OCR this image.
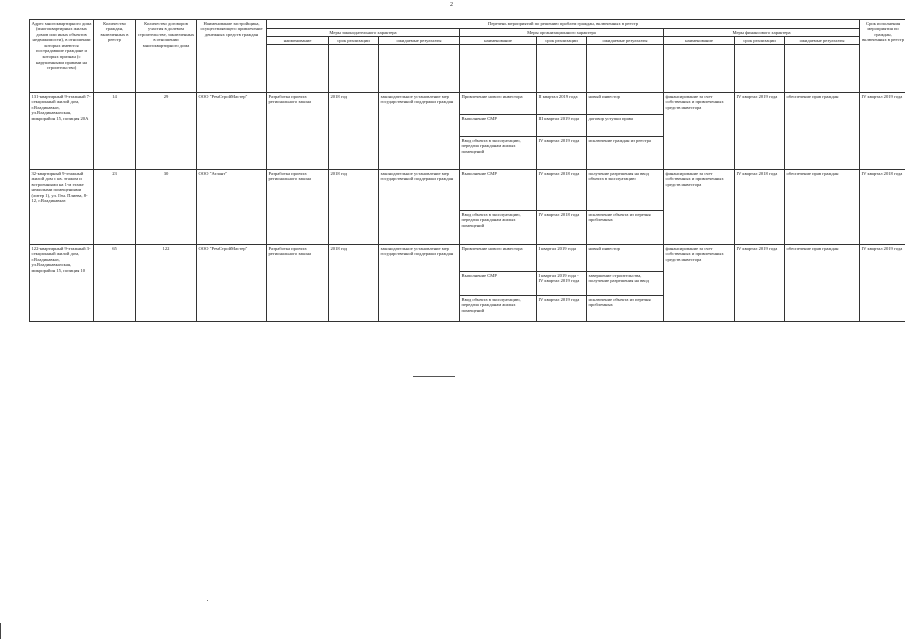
2
Адрес многоквартирного дома (многоквартирных жилых домов или иных объектов недвижимости), в отношении которых имеются пострадавшие граждане и которых признан (с нарушенными правами на строительство)	Количество граждан, включенных в реестр	Количество договоров участия в долевом строительстве, заключенных в отношении многоквартирного дома	Наименование застройщика, осуществляющего привлечение денежных средств граждан	Перечень мероприятий по решению проблем граждан, включенных в реестр									Срок исполнения мероприятия по граждан, включенных в реестр
				Меры законодательного характера			Меры организационного характера			Меры финансового характера			
				наименование	срок реализации	ожидаемые результаты	наименование	срок реализации	ожидаемые результаты	наименование	срок реализации	ожидаемые результаты	

131-квартирный 9-этажный 7-секционный жилой дом, г.Владикавказ, ул.Владикавказская, микрорайон 15, позиция 20А	14	29	ООО "РемСтройМастер"	Разработка проекта регионального закона	2018 год	законодательное установление мер государственной поддержки граждан	Привлечение нового инвестора	II квартал 2019 года	новый инвестор	финансирование за счет собственных и привлеченных средств инвестора	IV квартал 2019 года	обеспечение прав граждан	IV квартал 2019 года
							Выполнение СМР	III квартал 2019 года	договор уступки права				
							Ввод объекта в эксплуатацию, передача гражданам жилых помещений	IV квартал 2019 года	исключение граждан из реестра				
32-квартирный 9-этажный жилой дом с кв. этажом и встроенными на 1-м этаже нежилыми помещениями (литер 1), ул. Ген. Плиева, 8-12, г.Владикавказ	23	30	ООО "Атлант"	Разработка проекта регионального закона	2018 год	законодательное установление мер государственной поддержки граждан	Выполнение СМР	IV квартал 2018 года	получение разрешения на ввод объекта в эксплуатацию	финансирование за счет собственных и привлеченных средств инвестора	IV квартал 2018 года	обеспечение прав граждан	IV квартал 2018 года
							Ввод объекта в эксплуатацию, передача гражданам жилых помещений	IV квартал 2018 года	исключение объекта из перечня проблемных				
122-квартирный 9-этажный 3-секционный жилой дом, г.Владикавказ, ул.Владикавказская, микрорайон 15, позиция 10	65	122	ООО "РемСтройМастер"	Разработка проекта регионального закона	2018 год	законодательное установление мер государственной поддержки граждан	Привлечение нового инвестора	I квартал 2019 года	новый инвестор	финансирование за счет собственных и привлеченных средств инвестора	IV квартал 2019 года	обеспечение прав граждан	IV квартал 2019 года
							Выполнение СМР	I квартал 2019 года - IV квартал 2019 года	завершение строительства, получение разрешения на ввод				
							Ввод объекта в эксплуатацию, передача гражданам жилых помещений	IV квартал 2019 года	исключение объекта из перечня проблемных				
